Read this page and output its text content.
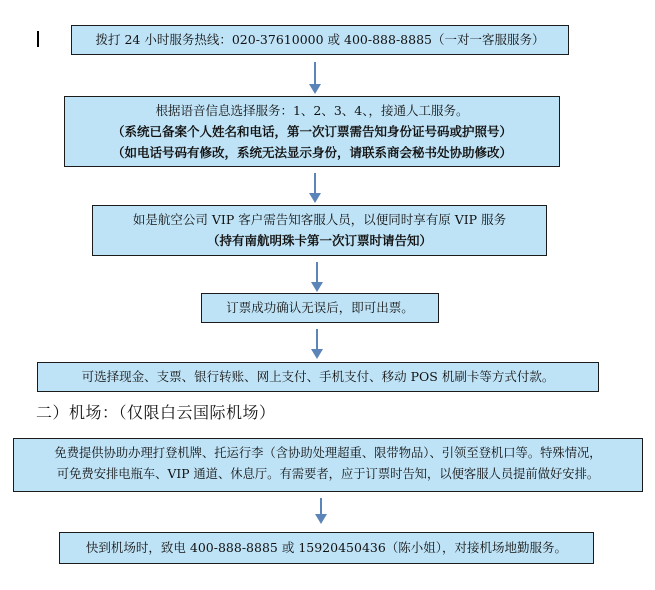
拨打 24 小时服务热线：020-37610000 或 400-888-8885（一对一客服服务）
根据语音信息选择服务：1、2、3、4、，接通人工服务。
（系统已备案个人姓名和电话，第一次订票需告知身份证号码或护照号）
（如电话号码有修改，系统无法显示身份，请联系商会秘书处协助修改）
如是航空公司 VIP 客户需告知客服人员，以便同时享有原 VIP 服务
（持有南航明珠卡第一次订票时请告知）
订票成功确认无误后，即可出票。
可选择现金、支票、银行转账、网上支付、手机支付、移动 POS 机刷卡等方式付款。
二）机场：（仅限白云国际机场）
免费提供协助办理打登机牌、托运行李（含协助处理超重、限带物品）、引领至登机口等。特殊情况，
可免费安排电瓶车、VIP 通道、休息厅。有需要者，应于订票时告知，以便客服人员提前做好安排。
快到机场时，致电 400-888-8885 或 15920450436（陈小姐），对接机场地勤服务。
